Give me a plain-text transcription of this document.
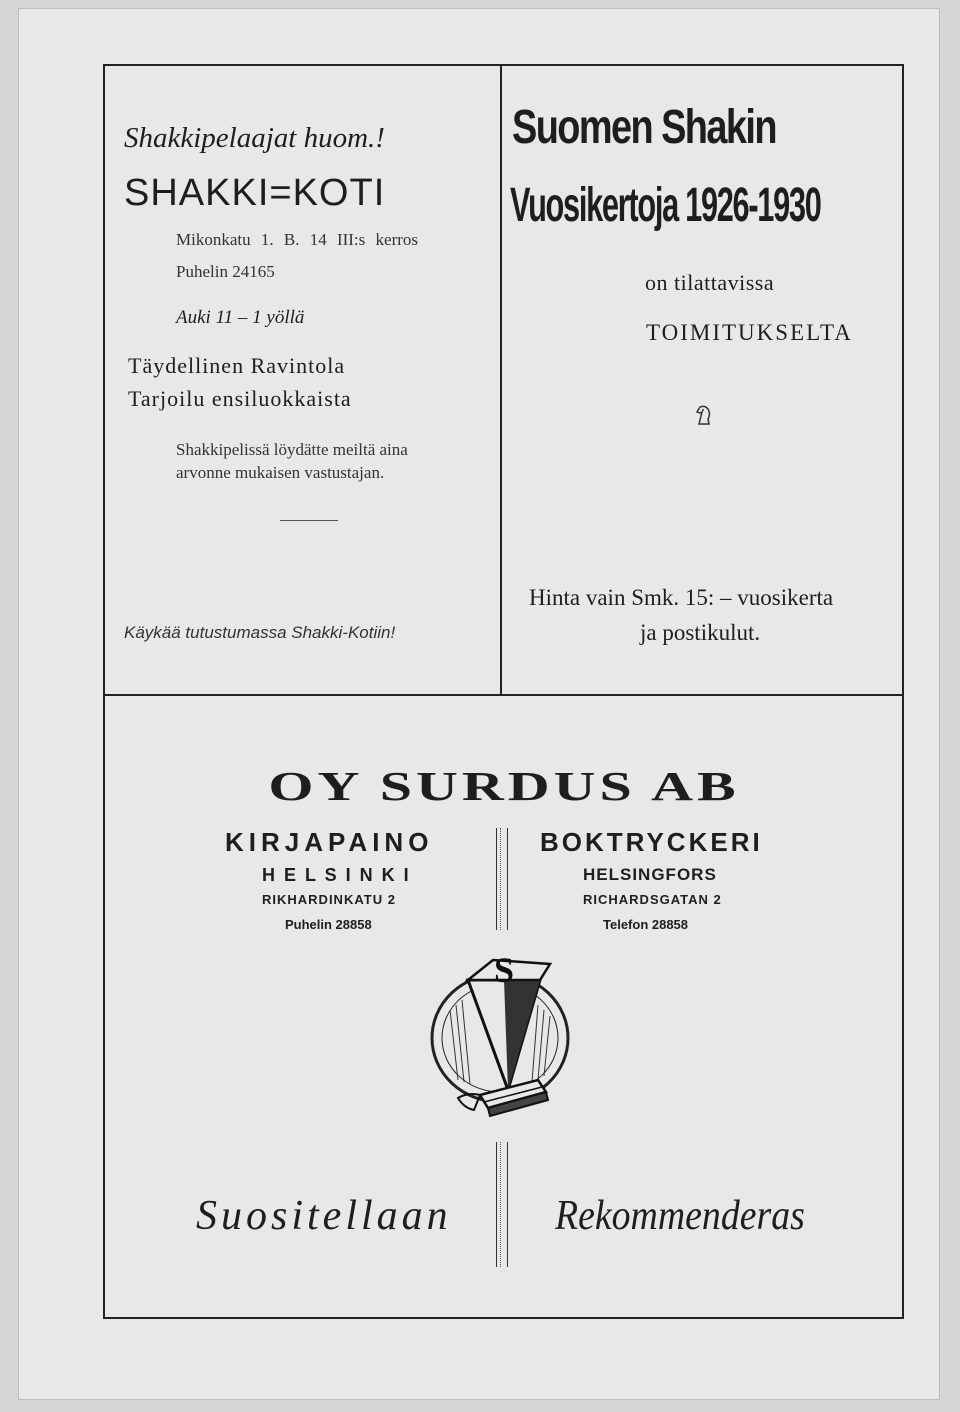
Shakkipelaajat huom.!
SHAKKI=KOTI
Mikonkatu 1. B. 14 III:s kerros
Puhelin 24165
Auki 11 – 1 yöllä
Täydellinen Ravintola
Tarjoilu ensiluokkaista
Shakkipelissä löydätte meiltä aina
arvonne mukaisen vastustajan.
Käykää tutustumassa Shakki-Kotiin!
Suomen Shakin
Vuosikertoja 1926-1930
on tilattavissa
TOIMITUKSELTA
Hinta vain Smk. 15: – vuosikerta
ja postikulut.
OY SURDUS AB
KIRJAPAINO
H E L S I N K I
RIKHARDINKATU 2
Puhelin 28858
BOKTRYCKERI
HELSINGFORS
RICHARDSGATAN 2
Telefon 28858
S
Suositellaan Rekommenderas
